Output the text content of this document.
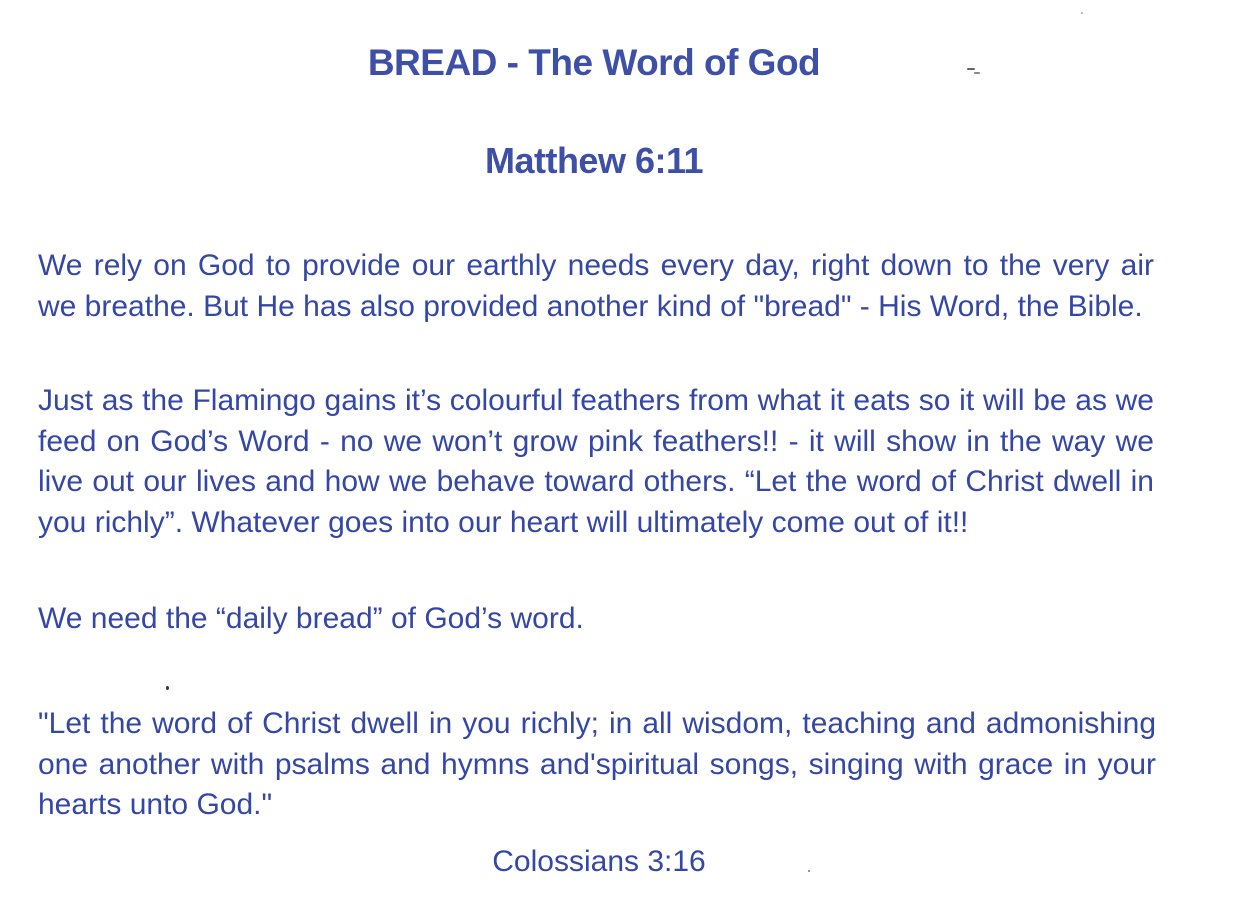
BREAD - The Word of God
Matthew 6:11
We rely on God to provide our earthly needs every day, right down to the very air we breathe. But He has also provided another kind of "bread" - His Word, the Bible.
Just as the Flamingo gains it’s colourful feathers from what it eats so it will be as we feed on God’s Word - no we won’t grow pink feathers!! - it will show in the way we live out our lives and how we behave toward others. “Let the word of Christ dwell in you richly”. Whatever goes into our heart will ultimately come out of it!!
We need the “daily bread” of God’s word.
"Let the word of Christ dwell in you richly; in all wisdom, teaching and admonishing one another with psalms and hymns and'spiritual songs, singing with grace in your hearts unto God."
Colossians 3:16
